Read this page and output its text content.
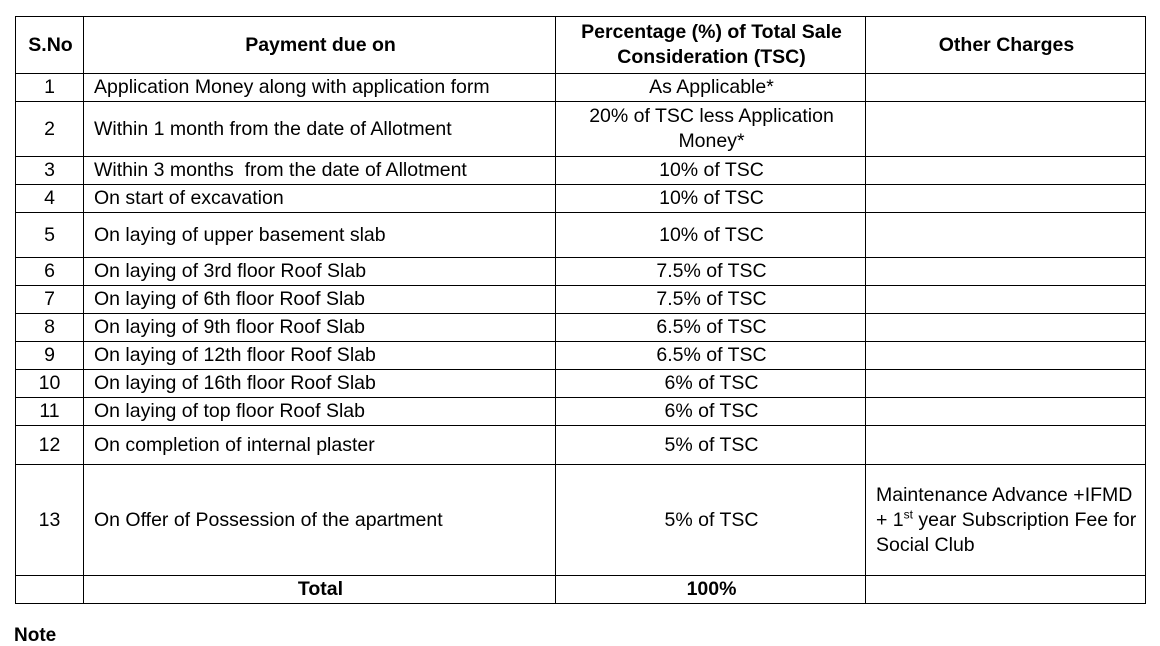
S.No	Payment due on	Percentage (%) of Total Sale Consideration (TSC)	Other Charges
1	Application Money along with application form	As Applicable*	
2	Within 1 month from the date of Allotment	20% of TSC less Application Money*	
3	Within 3 months  from the date of Allotment	10% of TSC	
4	On start of excavation	10% of TSC	
5	On laying of upper basement slab	10% of TSC	
6	On laying of 3rd floor Roof Slab	7.5% of TSC	
7	On laying of 6th floor Roof Slab	7.5% of TSC	
8	On laying of 9th floor Roof Slab	6.5% of TSC	
9	On laying of 12th floor Roof Slab	6.5% of TSC	
10	On laying of 16th floor Roof Slab	6% of TSC	
11	On laying of top floor Roof Slab	6% of TSC	
12	On completion of internal plaster	5% of TSC	
13	On Offer of Possession of the apartment	5% of TSC	Maintenance Advance +IFMD + 1st year Subscription Fee for Social Club
	Total	100%	
Note
